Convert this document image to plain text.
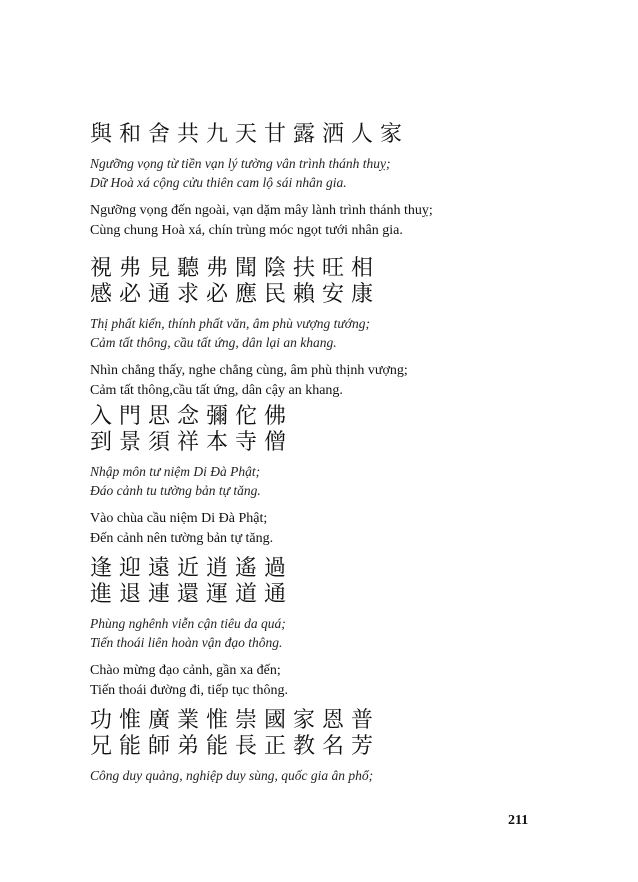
與和舍共九天甘露洒人家
Ngưỡng vọng từ tiền vạn lý tường vân trình thánh thuỵ;
Dữ Hoà xá cộng cửu thiên cam lộ sái nhân gia.
Ngưỡng vọng đến ngoài, vạn dặm mây lành trình thánh thuỵ;
Cùng chung Hoà xá, chín trùng móc ngọt tưới nhân gia.
視弗見聽弗聞陰扶旺相
感必通求必應民賴安康
Thị phất kiến, thính phất văn, âm phù vượng tướng;
Cảm tất thông, cầu tất ứng, dân lại an khang.
Nhìn chẳng thấy, nghe chẳng cùng, âm phù thịnh vượng;
Cảm tất thông,cầu tất ứng, dân cậy an khang.
入門思念彌佗佛
到景須祥本寺僧
Nhập môn tư niệm Di Đà Phật;
Đáo cảnh tu tường bản tự tăng.
Vào chùa cầu niệm Di Đà Phật;
Đến cảnh nên tường bản tự tăng.
逢迎遠近逍遙過
進退連還運道通
Phùng nghênh viễn cận tiêu da quá;
Tiến thoái liên hoàn vận đạo thông.
Chào mừng đạo cảnh, gần xa đến;
Tiến thoái đường đi, tiếp tục thông.
功惟廣業惟崇國家恩普
兄能師弟能長正教名芳
Công duy quảng, nghiệp duy sùng, quốc gia ân phổ;
211
